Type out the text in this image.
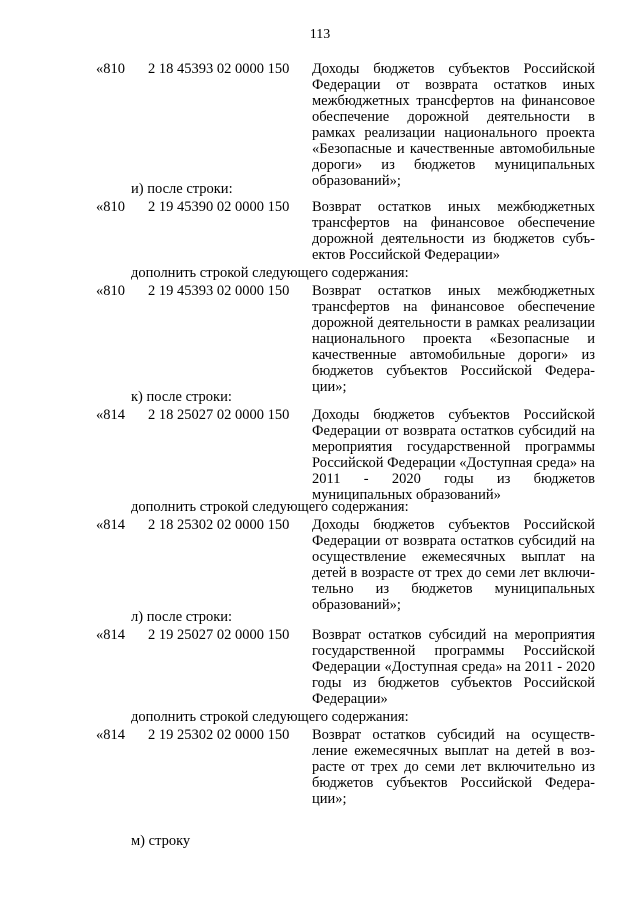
113
«810 2 18 45393 02 0000 150 Доходы бюджетов субъектов Российской Федерации от возврата остатков иных межбюджетных трансфертов на финансовое обеспечение дорожной деятельности в рамках реализации национального проекта «Безопасные и качественные автомобильные дороги» из бюджетов муниципальных образований»;
и) после строки:
«810 2 19 45390 02 0000 150 Возврат остатков иных межбюджетных трансфертов на финансовое обеспечение дорожной деятельности из бюджетов субъектов Российской Федерации»
дополнить строкой следующего содержания:
«810 2 19 45393 02 0000 150 Возврат остатков иных межбюджетных трансфертов на финансовое обеспечение дорожной деятельности в рамках реализации национального проекта «Безопасные и качественные автомобильные дороги» из бюджетов субъектов Российской Федерации»;
к) после строки:
«814 2 18 25027 02 0000 150 Доходы бюджетов субъектов Российской Федерации от возврата остатков субсидий на мероприятия государственной программы Российской Федерации «Доступная среда» на 2011 - 2020 годы из бюджетов муниципальных образований»
дополнить строкой следующего содержания:
«814 2 18 25302 02 0000 150 Доходы бюджетов субъектов Российской Федерации от возврата остатков субсидий на осуществление ежемесячных выплат на детей в возрасте от трех до семи лет включительно из бюджетов муниципальных образований»;
л) после строки:
«814 2 19 25027 02 0000 150 Возврат остатков субсидий на мероприятия государственной программы Российской Федерации «Доступная среда» на 2011 - 2020 годы из бюджетов субъектов Российской Федерации»
дополнить строкой следующего содержания:
«814 2 19 25302 02 0000 150 Возврат остатков субсидий на осуществление ежемесячных выплат на детей в возрасте от трех до семи лет включительно из бюджетов субъектов Российской Федерации»;
м) строку
